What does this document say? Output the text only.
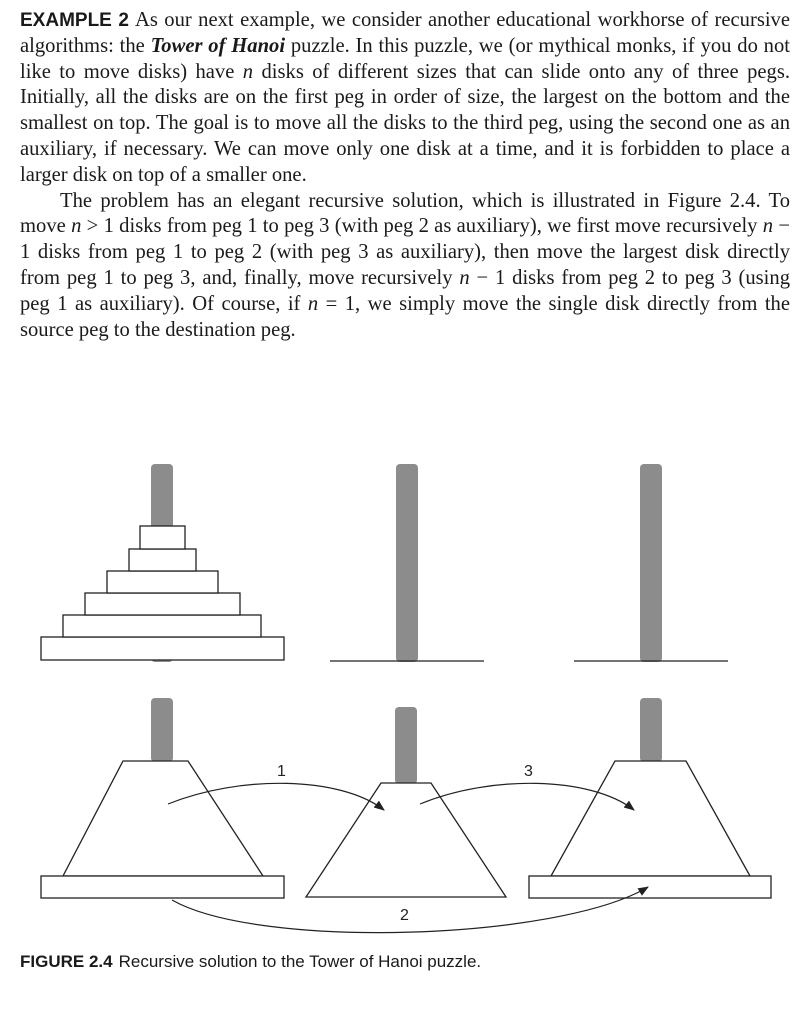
EXAMPLE 2 As our next example, we consider another educational workhorse of recursive algorithms: the Tower of Hanoi puzzle. In this puzzle, we (or mythical monks, if you do not like to move disks) have n disks of different sizes that can slide onto any of three pegs. Initially, all the disks are on the first peg in order of size, the largest on the bottom and the smallest on top. The goal is to move all the disks to the third peg, using the second one as an auxiliary, if necessary. We can move only one disk at a time, and it is forbidden to place a larger disk on top of a smaller one.

The problem has an elegant recursive solution, which is illustrated in Figure 2.4. To move n > 1 disks from peg 1 to peg 3 (with peg 2 as auxiliary), we first move recursively n − 1 disks from peg 1 to peg 2 (with peg 3 as auxiliary), then move the largest disk directly from peg 1 to peg 3, and, finally, move recursively n − 1 disks from peg 2 to peg 3 (using peg 1 as auxiliary). Of course, if n = 1, we simply move the single disk directly from the source peg to the destination peg.

1	3
2
FIGURE 2.4 Recursive solution to the Tower of Hanoi puzzle.
